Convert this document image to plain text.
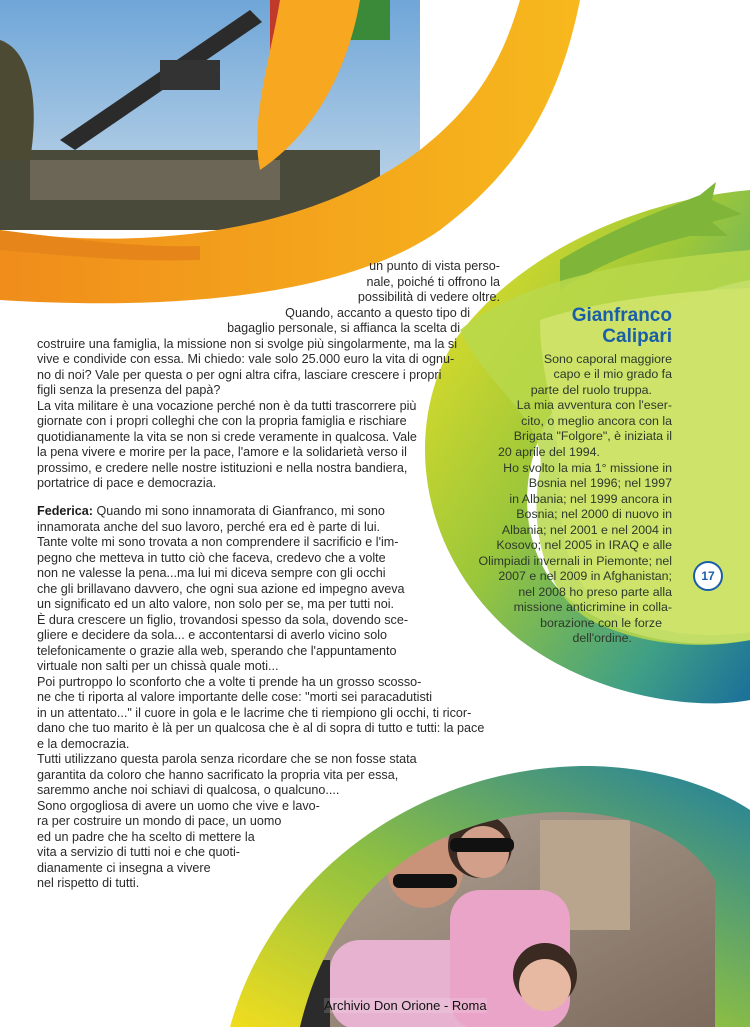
un punto di vista perso-
nale, poiché ti offrono la
possibilità di vedere oltre.
Quando, accanto a questo tipo di
bagaglio personale, si affianca la scelta di
costruire una famiglia, la missione non si svolge più singolarmente, ma la si
vive e condivide con essa. Mi chiedo: vale solo 25.000 euro la vita di ognu-
no di noi? Vale per questa o per ogni altra cifra, lasciare crescere i propri
figli senza la presenza del papà?
La vita militare è una vocazione perché non è da tutti trascorrere più
giornate con i propri colleghi che con la propria famiglia e rischiare
quotidianamente la vita se non si crede veramente in qualcosa. Vale
la pena vivere e morire per la pace, l'amore e la solidarietà verso il
prossimo, e credere nelle nostre istituzioni e nella nostra bandiera,
portatrice di pace e democrazia.
Federica: Quando mi sono innamorata di Gianfranco, mi sono
innamorata anche del suo lavoro, perché era ed è parte di lui.
Tante volte mi sono trovata a non comprendere il sacrificio e l'im-
pegno che metteva in tutto ciò che faceva, credevo che a volte
non ne valesse la pena...ma lui mi diceva sempre con gli occhi
che gli brillavano davvero, che ogni sua azione ed impegno aveva
un significato ed un alto valore, non solo per se, ma per tutti noi.
È dura crescere un figlio, trovandosi spesso da sola, dovendo sce-
gliere e decidere da sola... e accontentarsi di averlo vicino solo
telefonicamente o grazie alla web, sperando che l'appuntamento
virtuale non salti per un chissà quale moti...
Poi purtroppo lo sconforto che a volte ti prende ha un grosso scosso-
ne che ti riporta al valore importante delle cose: "morti sei paracadutisti
in un attentato..." il cuore in gola e le lacrime che ti riempiono gli occhi, ti ricor-
dano che tuo marito è là per un qualcosa che è al di sopra di tutto e tutti: la pace
e la democrazia.
Tutti utilizzano questa parola senza ricordare che se non fosse stata
garantita da coloro che hanno sacrificato la propria vita per essa,
saremmo anche noi schiavi di qualcosa, o qualcuno....
Sono orgogliosa di avere un uomo che vive e lavo-
ra per costruire un mondo di pace, un uomo
ed un padre che ha scelto di mettere la
vita a servizio di tutti noi e che quoti-
dianamente ci insegna a vivere
nel rispetto di tutti.
Gianfranco
Calipari
Sono caporal maggiore
capo e il mio grado fa
parte del ruolo truppa.
La mia avventura con l'eser-
cito, o meglio ancora con la
Brigata "Folgore", è iniziata il
20 aprile del 1994.
Ho svolto la mia 1° missione in
Bosnia nel 1996; nel 1997
in Albania; nel 1999 ancora in
Bosnia; nel 2000 di nuovo in
Albania; nel 2001 e nel 2004 in
Kosovo; nel 2005 in IRAQ e alle
Olimpiadi invernali in Piemonte; nel
2007 e nel 2009 in Afghanistan;
nel 2008 ho preso parte alla
missione anticrimine in colla-
borazione con le forze
dell'ordine.
17
Archivio Don Orione - Roma
